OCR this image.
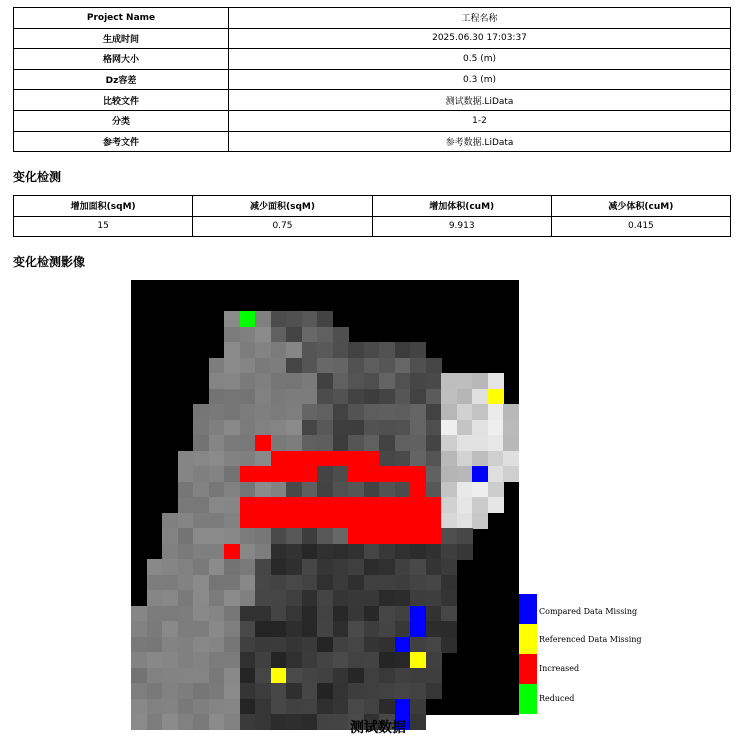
Project Name	工程名称
生成时间	2025.06.30 17:03:37
格网大小	0.5 (m)
Dz容差	0.3 (m)
比较文件	测试数据.LiData
分类	1-2
参考文件	参考数据.LiData
变化检测
增加面积(sqM)	减少面积(sqM)	增加体积(cuM)	减少体积(cuM)
15	0.75	9.913	0.415
变化检测影像
Compared Data Missing
Referenced Data Missing
Increased
Reduced
测试数据
